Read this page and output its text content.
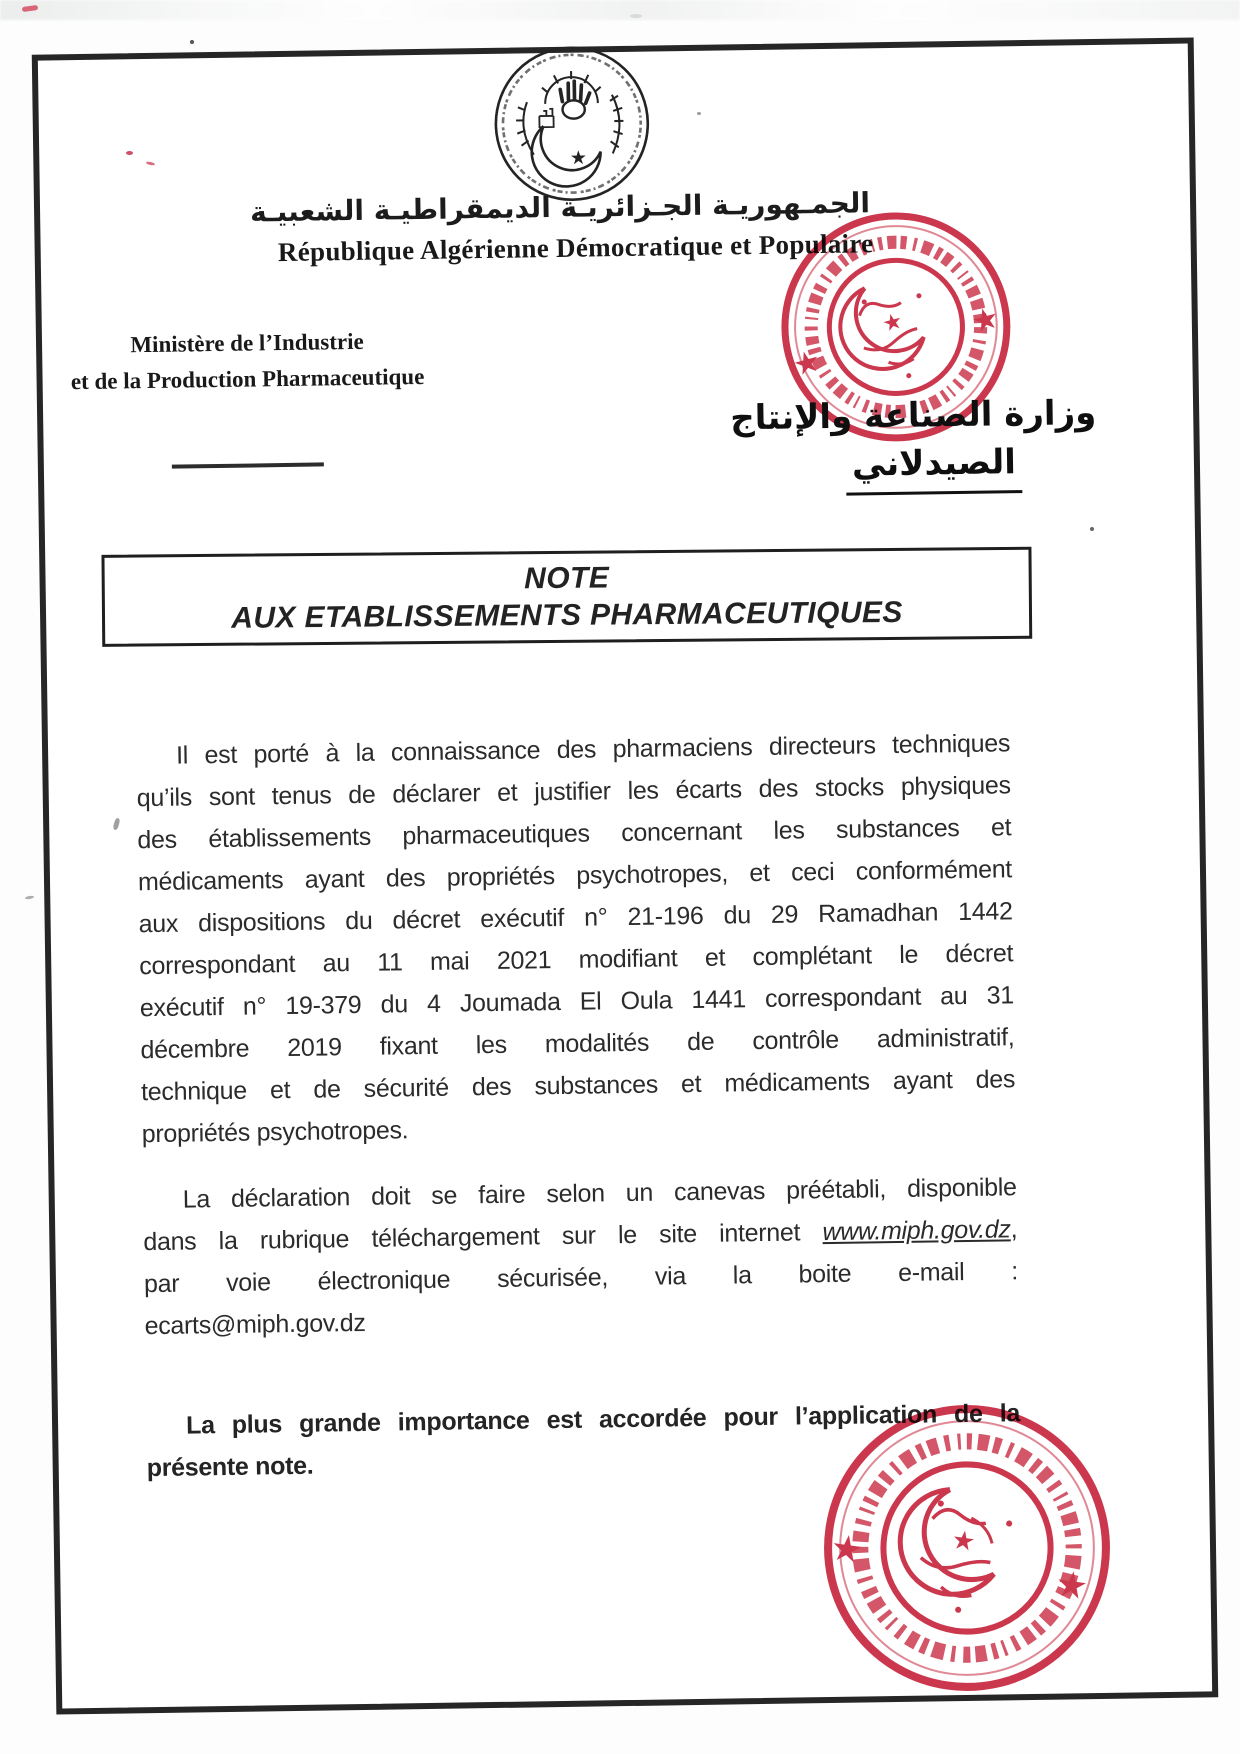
★
الجمـهوريـة الجـزائريـة الديمقراطيـة الشعبيـة
République Algérienne Démocratique et Populaire
Ministère de l’Industrie
et de la Production Pharmaceutique
NOTE
AUX ETABLISSEMENTS PHARMACEUTIQUES
Il est porté à la connaissance des pharmaciens directeurs techniques
qu’ils sont tenus de déclarer et justifier les écarts des stocks physiques
des établissements pharmaceutiques concernant les substances et
médicaments ayant des propriétés psychotropes, et ceci conformément
aux dispositions du décret exécutif n° 21-196 du 29 Ramadhan 1442
correspondant au 11 mai 2021 modifiant et complétant le décret
exécutif n° 19-379 du 4 Joumada El Oula 1441 correspondant au 31
décembre 2019 fixant les modalités de contrôle administratif,
technique et de sécurité des substances et médicaments ayant des
propriétés psychotropes.
La déclaration doit se faire selon un canevas préétabli, disponible
dans la rubrique téléchargement sur le site internet www.miph.gov.dz,
par voie électronique sécurisée, via la boite e-mail :
ecarts@miph.gov.dz
La plus grande importance est accordée pour l’application de la
présente note.
★
★
★
وزارة الصناعة والإنتاج
الصيدلاني
★
★
★
